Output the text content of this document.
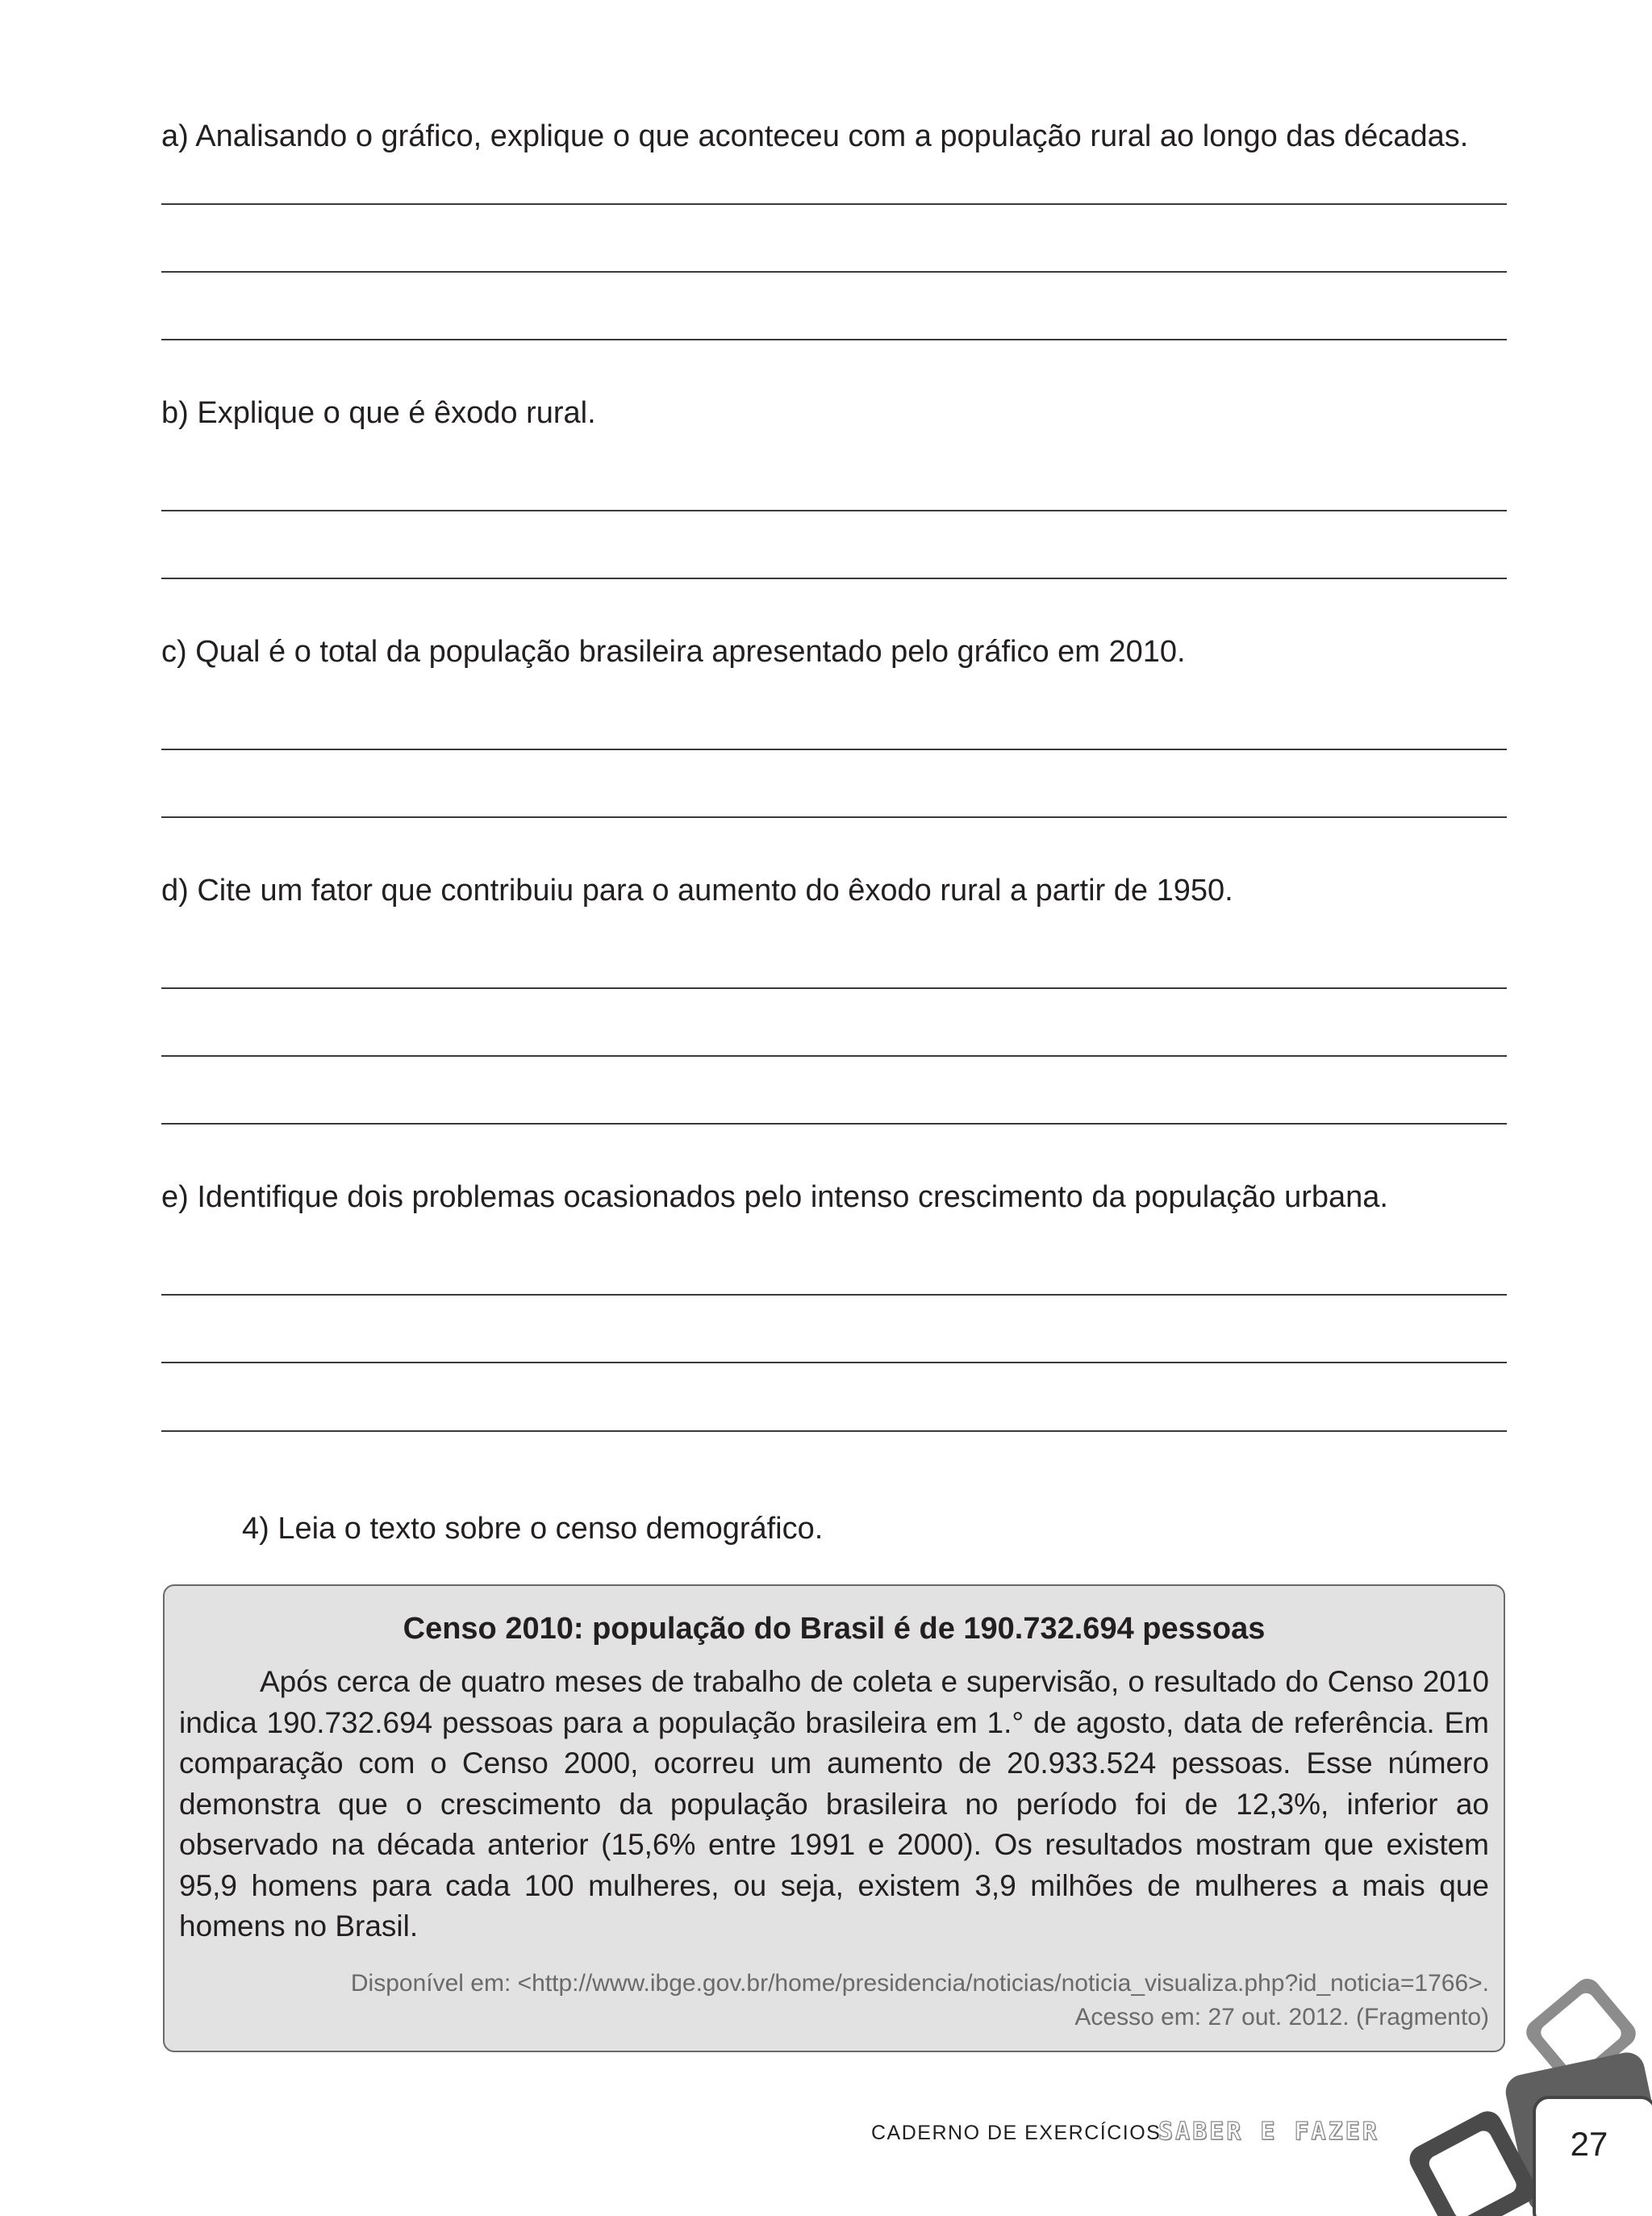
a) Analisando o gráfico, explique o que aconteceu com a população rural ao longo das décadas.
b) Explique o que é êxodo rural.
c) Qual é o total da população brasileira apresentado pelo gráfico em 2010.
d) Cite um fator que contribuiu para o aumento do êxodo rural a partir de 1950.
e) Identifique dois problemas ocasionados pelo intenso crescimento da população urbana.
4) Leia o texto sobre o censo demográfico.
Censo 2010: população do Brasil é de 190.732.694 pessoas

Após cerca de quatro meses de trabalho de coleta e supervisão, o resultado do Censo 2010 indica 190.732.694 pessoas para a população brasileira em 1.° de agosto, data de referência. Em comparação com o Censo 2000, ocorreu um aumento de 20.933.524 pessoas. Esse número demonstra que o crescimento da população brasileira no período foi de 12,3%, inferior ao observado na década anterior (15,6% entre 1991 e 2000). Os resultados mostram que existem 95,9 homens para cada 100 mulheres, ou seja, existem 3,9 milhões de mulheres a mais que homens no Brasil.

Disponível em: <http://www.ibge.gov.br/home/presidencia/noticias/noticia_visualiza.php?id_noticia=1766>.
Acesso em: 27 out. 2012. (Fragmento)
CADERNO DE EXERCÍCIOS
SABER E FAZER	27
